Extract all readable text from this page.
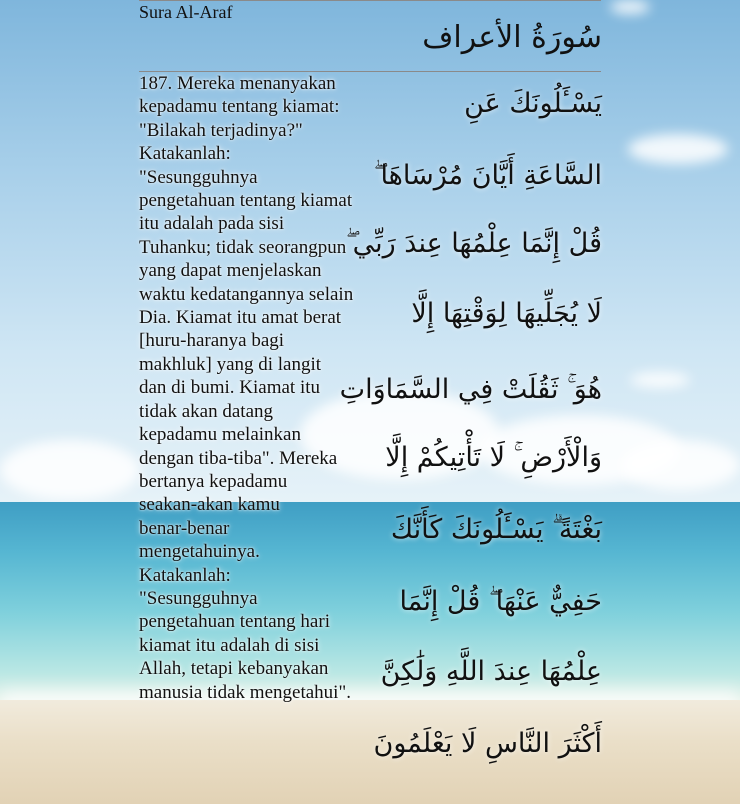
Sura Al-Araf
سُورَةُ الأعراف
187. Mereka menanyakan
kepadamu tentang kiamat:
"Bilakah terjadinya?"
Katakanlah:
"Sesungguhnya
pengetahuan tentang kiamat
itu adalah pada sisi
Tuhanku; tidak seorangpun
yang dapat menjelaskan
waktu kedatangannya selain
Dia. Kiamat itu amat berat
[huru-haranya bagi
makhluk] yang di langit
dan di bumi. Kiamat itu
tidak akan datang
kepadamu melainkan
dengan tiba-tiba". Mereka
bertanya kepadamu
seakan-akan kamu
benar-benar
mengetahuinya.
Katakanlah:
"Sesungguhnya
pengetahuan tentang hari
kiamat itu adalah di sisi
Allah, tetapi kebanyakan
manusia tidak mengetahui".
يَسْـَٔلُونَكَ عَنِ
السَّاعَةِ أَيَّانَ مُرْسَاهَا ۖ
قُلْ إِنَّمَا عِلْمُهَا عِندَ رَبِّي ۖ
لَا يُجَلِّيهَا لِوَقْتِهَا إِلَّا
هُوَ ۚ ثَقُلَتْ فِي السَّمَاوَاتِ
وَالْأَرْضِ ۚ لَا تَأْتِيكُمْ إِلَّا
بَغْتَةً ۗ يَسْـَٔلُونَكَ كَأَنَّكَ
حَفِيٌّ عَنْهَا ۖ قُلْ إِنَّمَا
عِلْمُهَا عِندَ اللَّهِ وَلَٰكِنَّ
أَكْثَرَ النَّاسِ لَا يَعْلَمُونَ
